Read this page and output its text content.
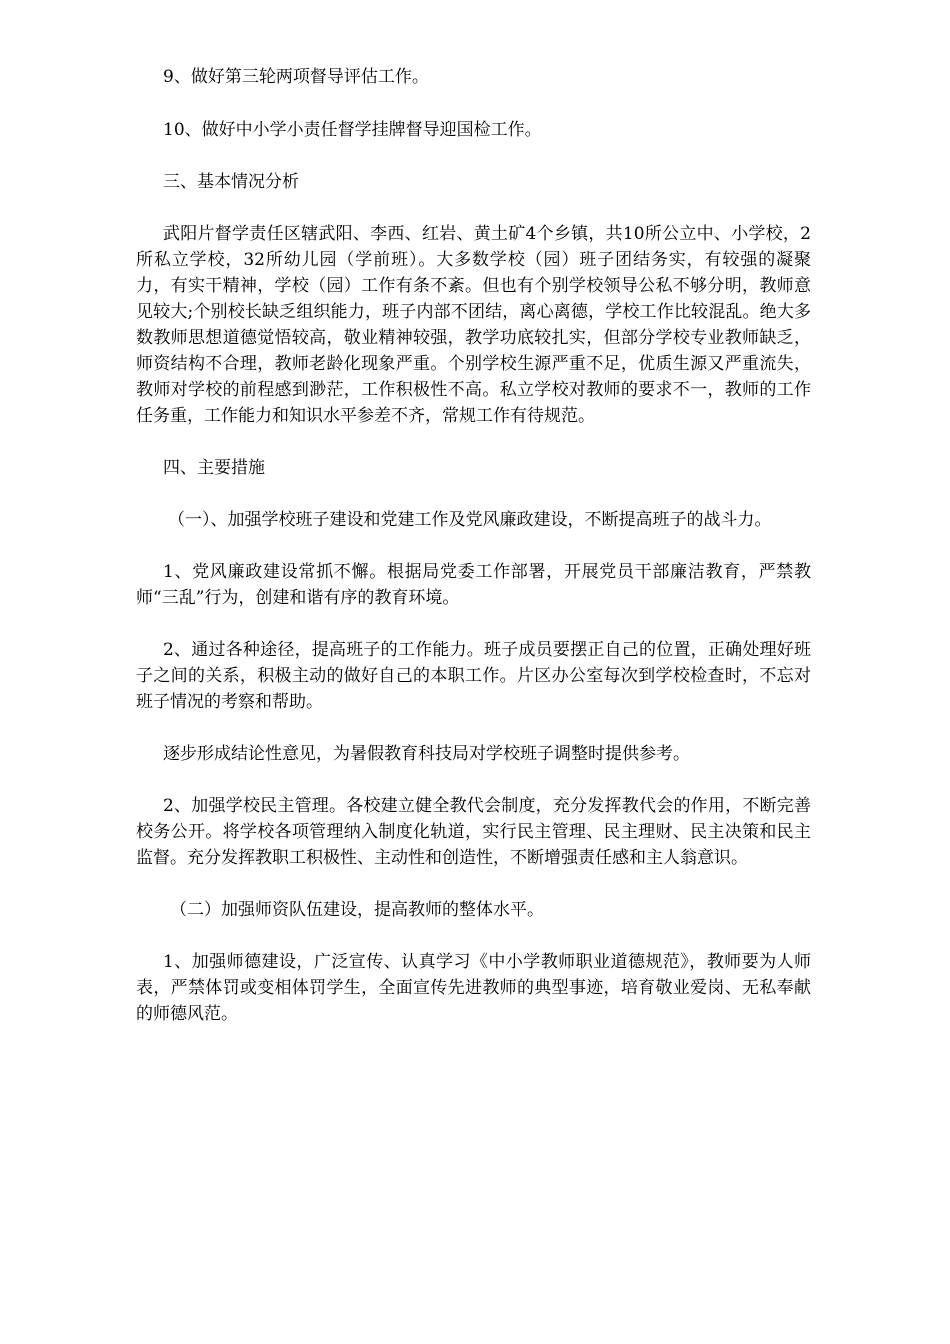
9、做好第三轮两项督导评估工作。

10、做好中小学小责任督学挂牌督导迎国检工作。

三、基本情况分析

武阳片督学责任区辖武阳、李西、红岩、黄土矿4个乡镇，共10所公立中、小学校，2所私立学校，32所幼儿园（学前班）。大多数学校（园）班子团结务实，有较强的凝聚力，有实干精神，学校（园）工作有条不紊。但也有个别学校领导公私不够分明，教师意见较大;个别校长缺乏组织能力，班子内部不团结，离心离德，学校工作比较混乱。绝大多数教师思想道德觉悟较高，敬业精神较强，教学功底较扎实，但部分学校专业教师缺乏，师资结构不合理，教师老龄化现象严重。个别学校生源严重不足，优质生源又严重流失，教师对学校的前程感到渺茫，工作积极性不高。私立学校对教师的要求不一，教师的工作任务重，工作能力和知识水平参差不齐，常规工作有待规范。

四、主要措施

（一）、加强学校班子建设和党建工作及党风廉政建设，不断提高班子的战斗力。

1、党风廉政建设常抓不懈。根据局党委工作部署，开展党员干部廉洁教育，严禁教师“三乱”行为，创建和谐有序的教育环境。

2、通过各种途径，提高班子的工作能力。班子成员要摆正自己的位置，正确处理好班子之间的关系，积极主动的做好自己的本职工作。片区办公室每次到学校检查时，不忘对班子情况的考察和帮助。

逐步形成结论性意见，为暑假教育科技局对学校班子调整时提供参考。

2、加强学校民主管理。各校建立健全教代会制度，充分发挥教代会的作用，不断完善校务公开。将学校各项管理纳入制度化轨道，实行民主管理、民主理财、民主决策和民主监督。充分发挥教职工积极性、主动性和创造性，不断增强责任感和主人翁意识。

（二）加强师资队伍建设，提高教师的整体水平。

1、加强师德建设，广泛宣传、认真学习《中小学教师职业道德规范》，教师要为人师表，严禁体罚或变相体罚学生，全面宣传先进教师的典型事迹，培育敬业爱岗、无私奉献的师德风范。
